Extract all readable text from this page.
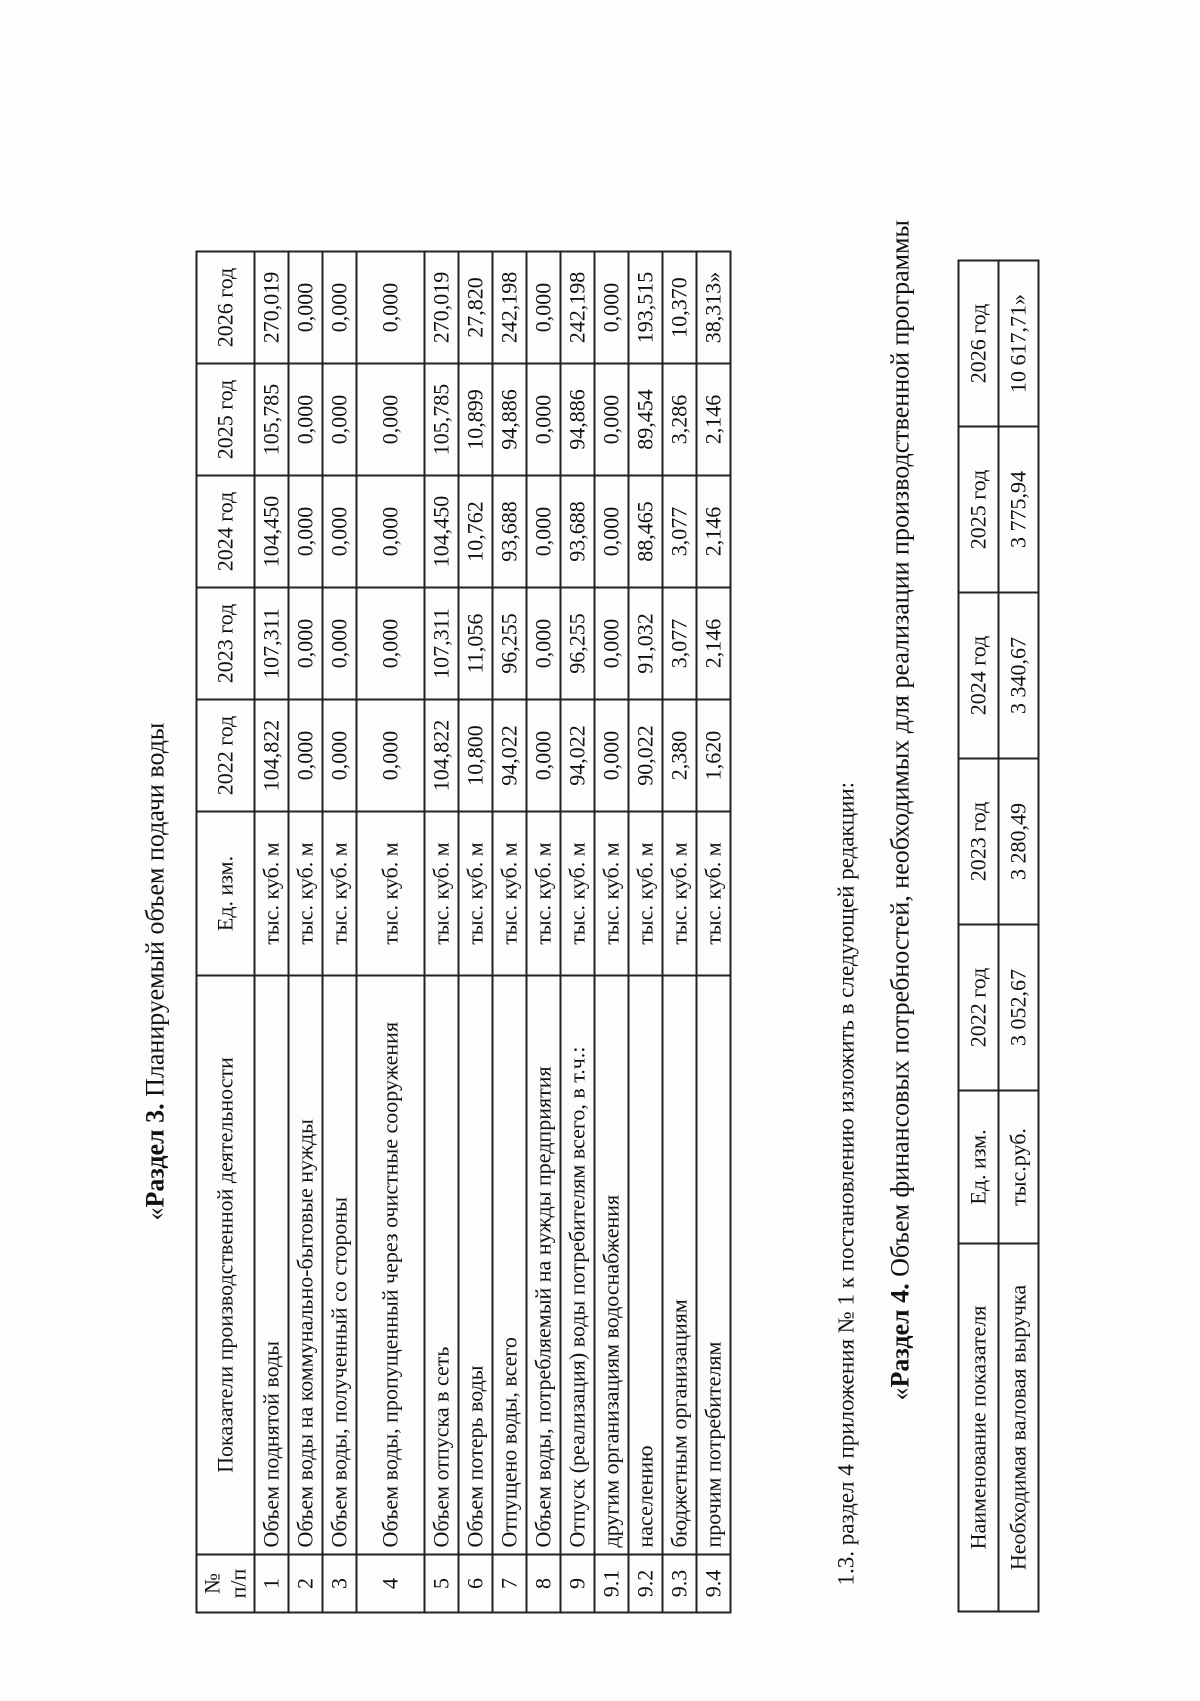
«Раздел 3. Планируемый объем подачи воды
№ п/п	Показатели производственной деятельности	Ед. изм.	2022 год	2023 год	2024 год	2025 год	2026 год
1	Объем поднятой воды	тыс. куб. м	104,822	107,311	104,450	105,785	270,019
2	Объем воды на коммунально-бытовые нужды	тыс. куб. м	0,000	0,000	0,000	0,000	0,000
3	Объем воды, полученный со стороны	тыс. куб. м	0,000	0,000	0,000	0,000	0,000
4	Объем воды, пропущенный через очистные сооружения	тыс. куб. м	0,000	0,000	0,000	0,000	0,000
5	Объем отпуска в сеть	тыс. куб. м	104,822	107,311	104,450	105,785	270,019
6	Объем потерь воды	тыс. куб. м	10,800	11,056	10,762	10,899	27,820
7	Отпущено воды, всего	тыс. куб. м	94,022	96,255	93,688	94,886	242,198
8	Объем воды, потребляемый на нужды предприятия	тыс. куб. м	0,000	0,000	0,000	0,000	0,000
9	Отпуск (реализация) воды потребителям всего, в т.ч.:	тыс. куб. м	94,022	96,255	93,688	94,886	242,198
9.1	другим организациям водоснабжения	тыс. куб. м	0,000	0,000	0,000	0,000	0,000
9.2	населению	тыс. куб. м	90,022	91,032	88,465	89,454	193,515
9.3	бюджетным организациям	тыс. куб. м	2,380	3,077	3,077	3,286	10,370
9.4	прочим потребителям	тыс. куб. м	1,620	2,146	2,146	2,146	38,313»
1.3. раздел 4 приложения № 1 к постановлению изложить в следующей редакции: «Раздел 4. Объем финансовых потребностей, необходимых для реализации производственной программы
Наименование показателя	Ед. изм.	2022 год	2023 год	2024 год	2025 год	2026 год
Необходимая валовая выручка	тыс.руб.	3 052,67	3 280,49	3 340,67	3 775,94	10 617,71»
